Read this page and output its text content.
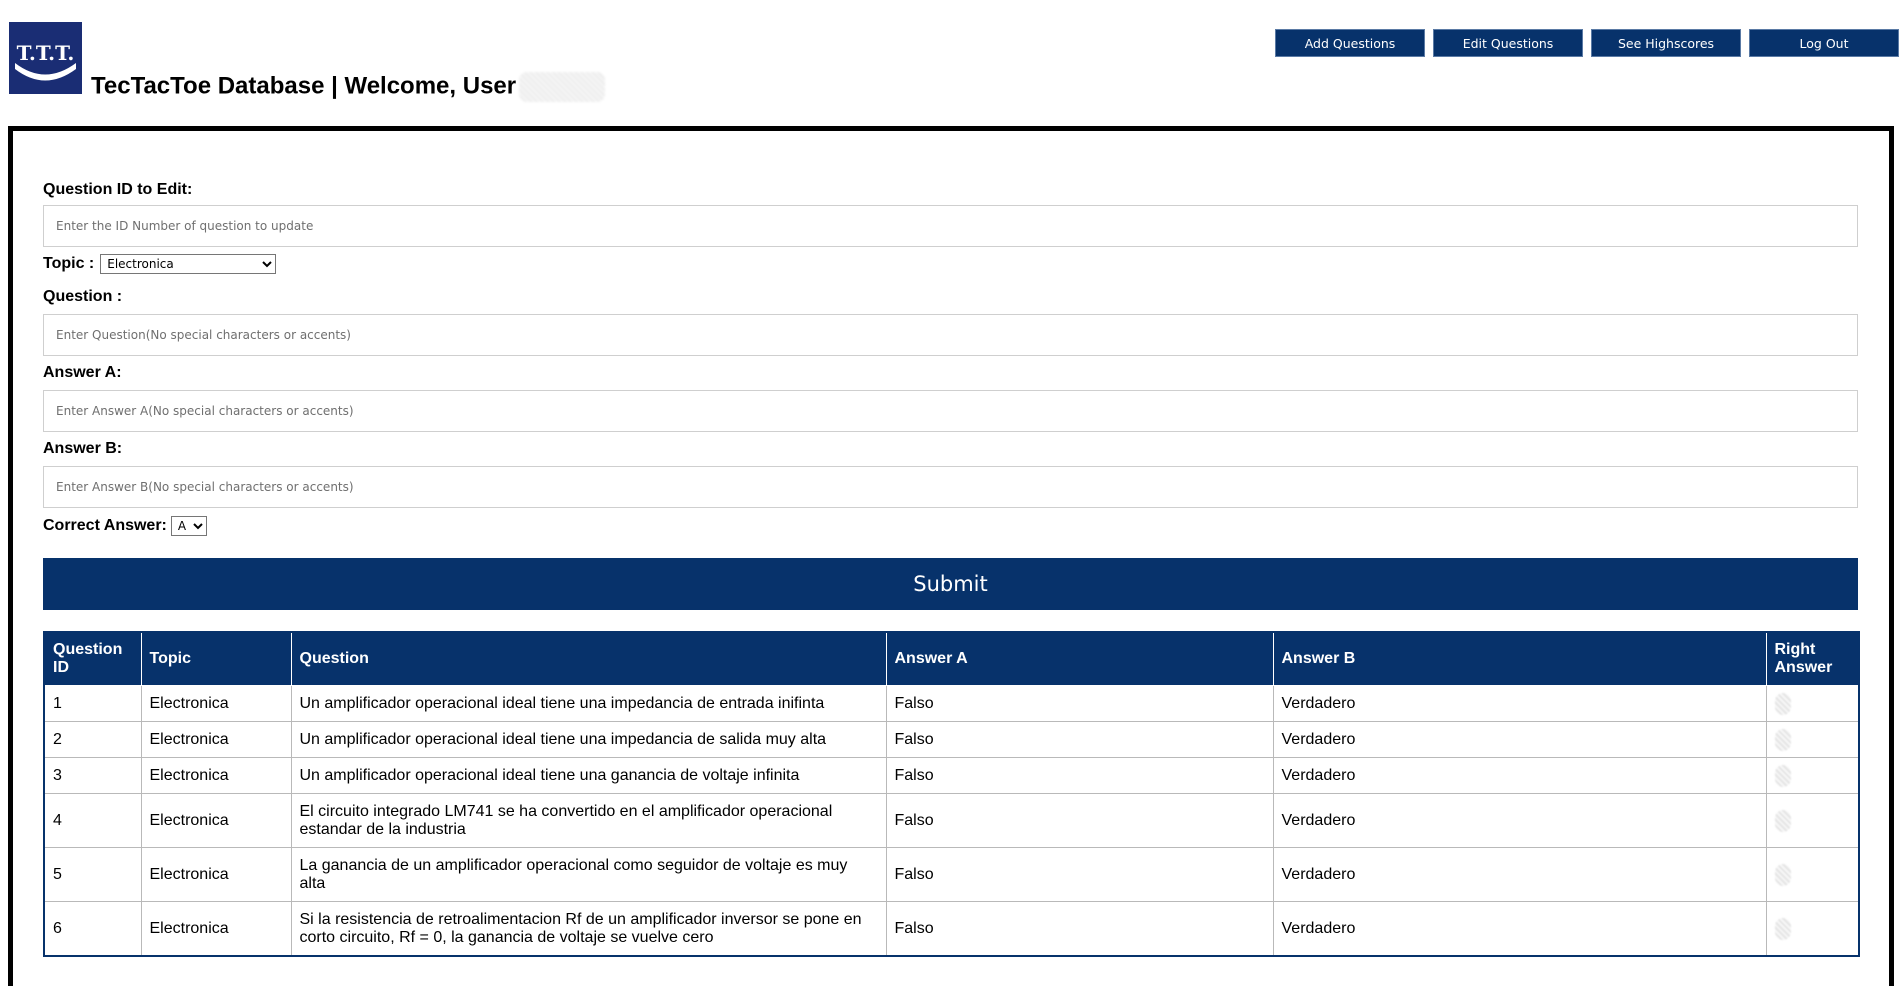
T.T.T.
TecTacToe Database | Welcome, User
Add Questions	Edit Questions	See Highscores	Log Out
Question ID to Edit:
Enter the ID Number of question to update
Topic :
Electronica
Question :
Enter Question(No special characters or accents)
Answer A:
Enter Answer A(No special characters or accents)
Answer B:
Enter Answer B(No special characters or accents)
Correct Answer:
A
Submit
Question ID	Topic	Question	Answer A	Answer B	Right Answer
1	Electronica	Un amplificador operacional ideal tiene una impedancia de entrada inifinta	Falso	Verdadero	
2	Electronica	Un amplificador operacional ideal tiene una impedancia de salida muy alta	Falso	Verdadero	
3	Electronica	Un amplificador operacional ideal tiene una ganancia de voltaje infinita	Falso	Verdadero	
4	Electronica	El circuito integrado LM741 se ha convertido en el amplificador operacional estandar de la industria	Falso	Verdadero	
5	Electronica	La ganancia de un amplificador operacional como seguidor de voltaje es muy alta	Falso	Verdadero	
6	Electronica	Si la resistencia de retroalimentacion Rf de un amplificador inversor se pone en corto circuito, Rf = 0, la ganancia de voltaje se vuelve cero	Falso	Verdadero	
